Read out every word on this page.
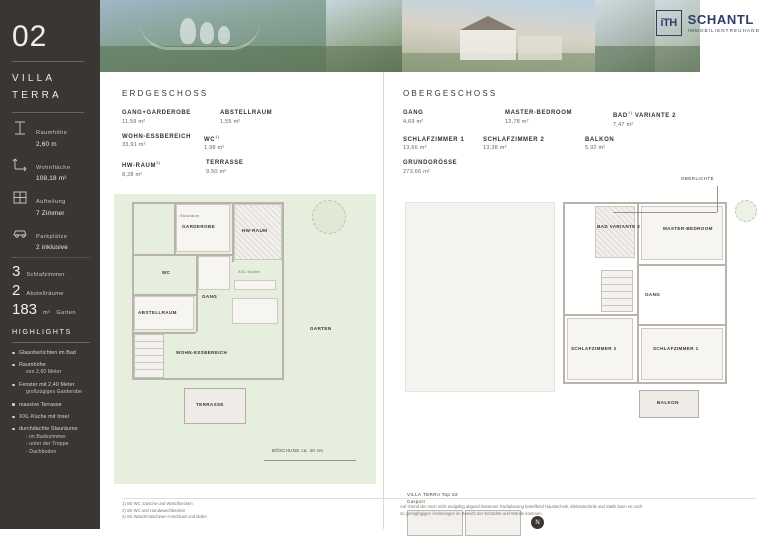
iTH SCHANTL
IMMOBILIENTREUHAND
02
VILLA
TERRA
Raumhöhe
2,60 m
Wohnfläche
108,18 m²
Aufteilung
7 Zimmer
Parkplätze
2 inklusive
3 Schlafzimmer
2 Abstellräume
183 m² Garten
HIGHLIGHTS
Glasoberlichten im Bad
Raumhöhe
von 2,60 Meter
Fenster mit 2,40 Meter
großzügiges Garderobe
massive Terrasse
XXL-Küche mit Insel
durchdachte Stauräume
- im Badezimmer
- unter der Treppe
- Dachboden
ERDGESCHOSS
GANG+GARDEROBE
11,59 m²
ABSTELLRAUM
1,55 m²
WOHN-ESSBEREICH
33,91 m²
WC$^{1)}$
1,98 m²
HW-RAUM$^{3)}$
8,28 m²
TERRASSE
9,50 m²
GARDEROBE
HW-RAUM
WC
GANG
ABSTELLRAUM
WOHN-ESSBEREICH
XXL Küche
Stauraum
TERRASSE
GARTEN
BÖSCHUNG ca. 40 cm
OBERGESCHOSS
GANG
4,69 m²
MASTER-BEDROOM
12,78 m²
BAD$^{1)}$ VARIANTE 2
7,47 m²
SCHLAFZIMMER 1
13,66 m²
SCHLAFZIMMER 2
13,38 m²
BALKON
5,92 m²
GRUNDGRÖSSE
273,66 m²
BAD VARIANTE 2	MASTER-BEDROOM
GANG
SCHLAFZIMMER 1
SCHLAFZIMMER 2
BALKON
OBERLICHTE
VILLA TERRA Top 02
Carport
N
1) mit WC, Dusche und Waschbecken
2) mit WC und Handwaschbecken
3) mit Waschmaschinen-Anschluss und Boiler
Auf Grund der noch nicht endgültig abgeschlossenen Fachplanung betreffend Haustechnik, Elektrotechnik und Statik kann es noch
zu geringfügigen Änderungen im Bereich der Schächte und Wände kommen.
